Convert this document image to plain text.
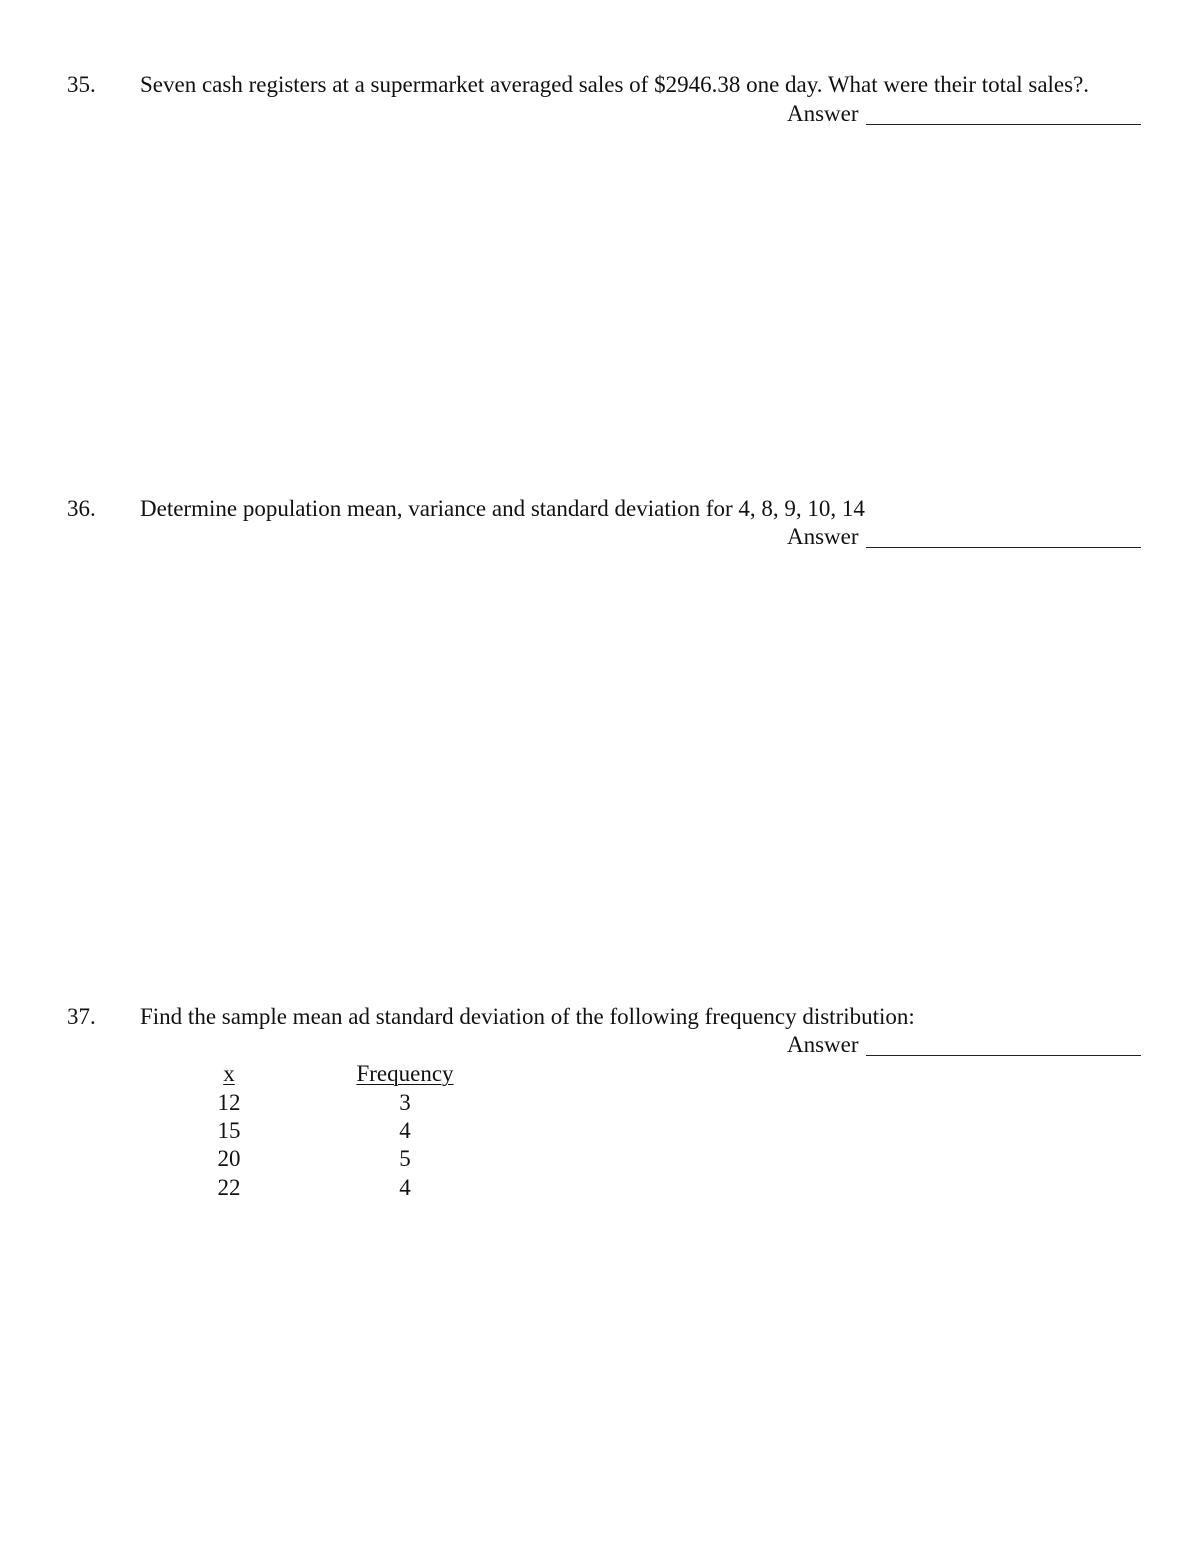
35. Seven cash registers at a supermarket averaged sales of $2946.38 one day. What were their total sales?.
Answer
36. Determine population mean, variance and standard deviation for 4, 8, 9, 10, 14
Answer
37. Find the sample mean ad standard deviation of the following frequency distribution:
Answer
x	Frequency
12	3
15	4
20	5
22	4
